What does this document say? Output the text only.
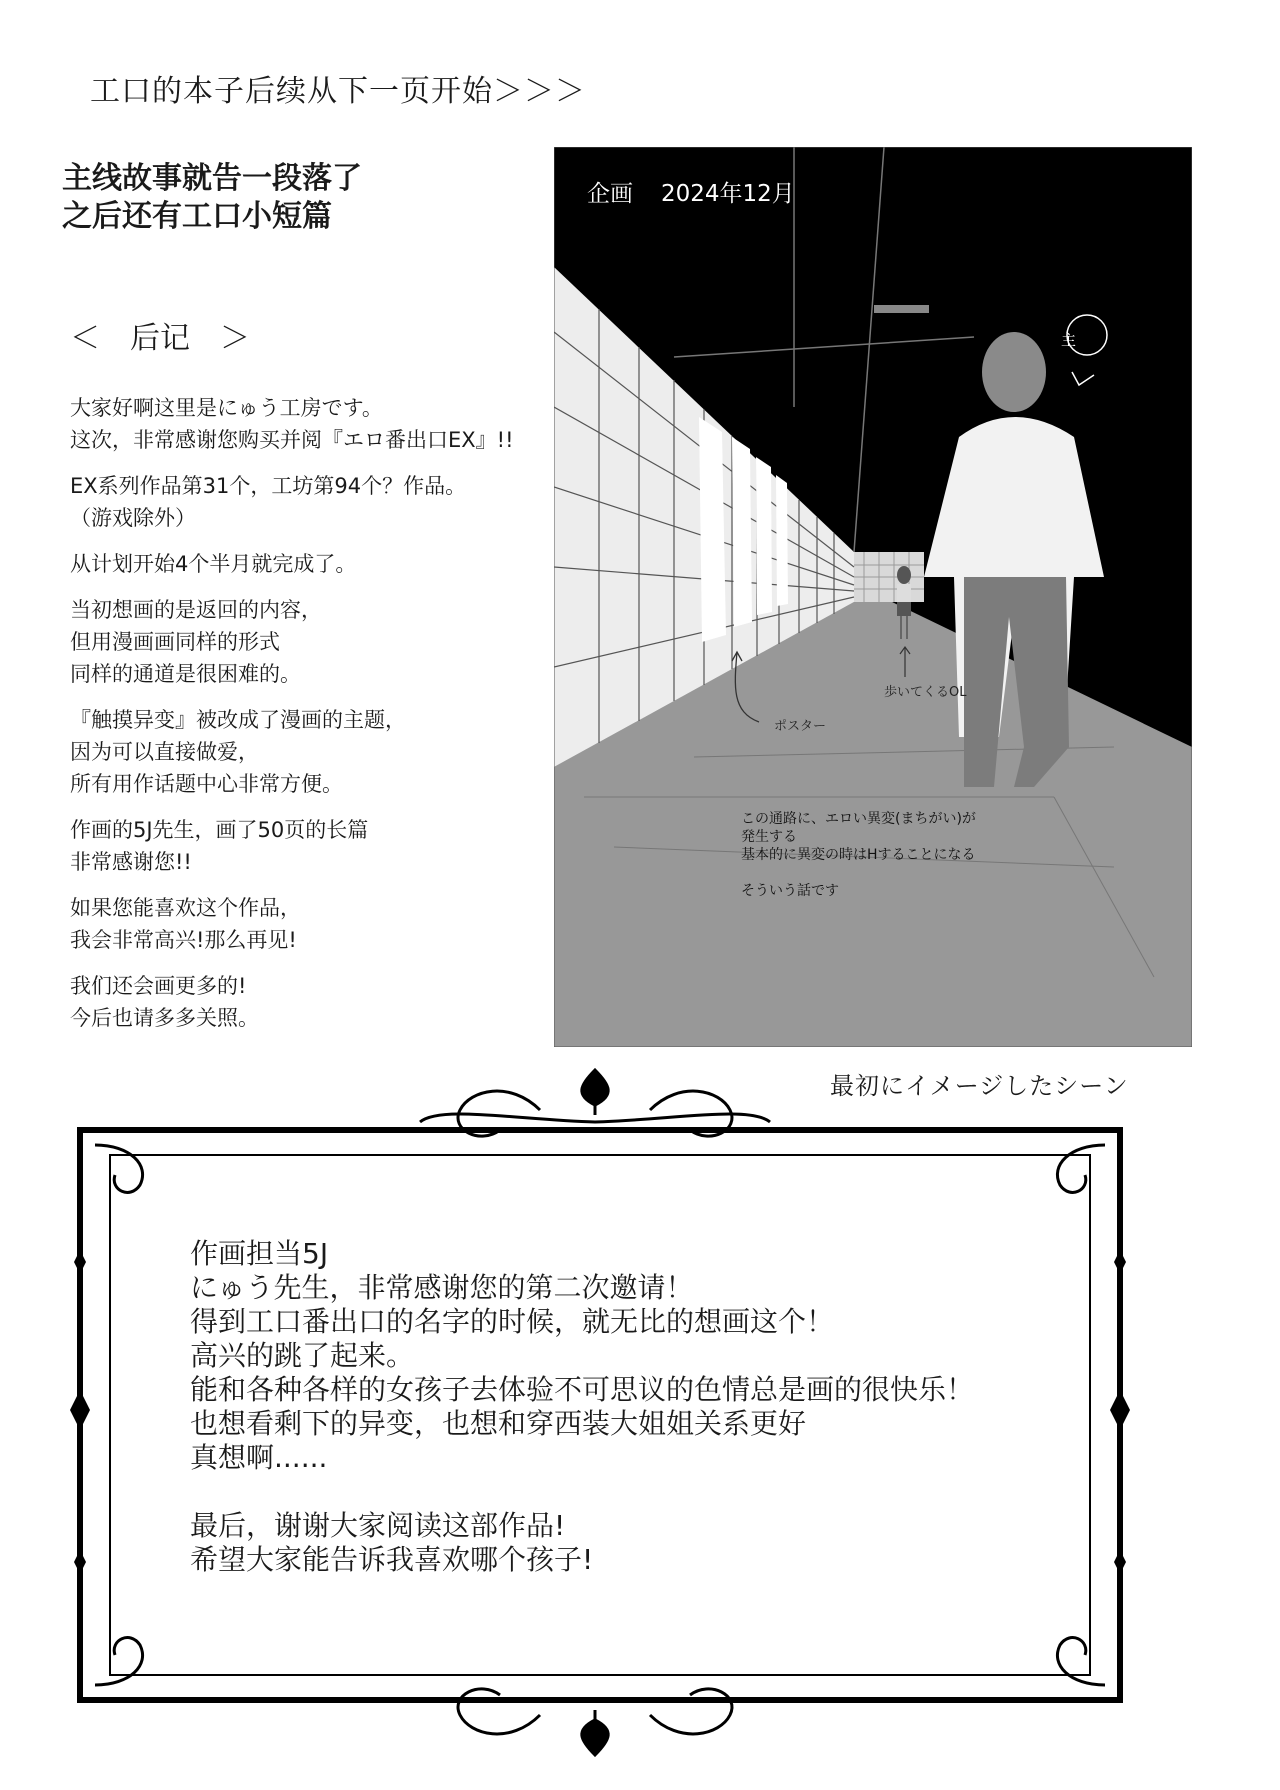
工口的本子后续从下一页开始＞＞＞
主线故事就告一段落了
之后还有工口小短篇
＜　后记　＞

大家好啊这里是にゅう工房です。
这次，非常感谢您购买并阅『エロ番出口EX』!!

EX系列作品第31个，工坊第94个？作品。
（游戏除外）

从计划开始4个半月就完成了。

当初想画的是返回的内容，
但用漫画画同样的形式
同样的通道是很困难的。

『触摸异变』被改成了漫画的主题，
因为可以直接做爱，
所有用作话题中心非常方便。

作画的5J先生，画了50页的长篇
非常感谢您!!

如果您能喜欢这个作品，
我会非常高兴!那么再见!

我们还会画更多的!
今后也请多多关照。

企画 2024年12月
主
ポスター
歩いてくるOL
この通路に、エロい異変(まちがい)が
発生する
基本的に異変の時はHすることになる
そういう話です
最初にイメージしたシーン
作画担当5J
にゅう先生，非常感谢您的第二次邀请！
得到工口番出口的名字的时候，就无比的想画这个！
高兴的跳了起来。
能和各种各样的女孩子去体验不可思议的色情总是画的很快乐！
也想看剩下的异变，也想和穿西装大姐姐关系更好
真想啊......
最后，谢谢大家阅读这部作品!
希望大家能告诉我喜欢哪个孩子!
